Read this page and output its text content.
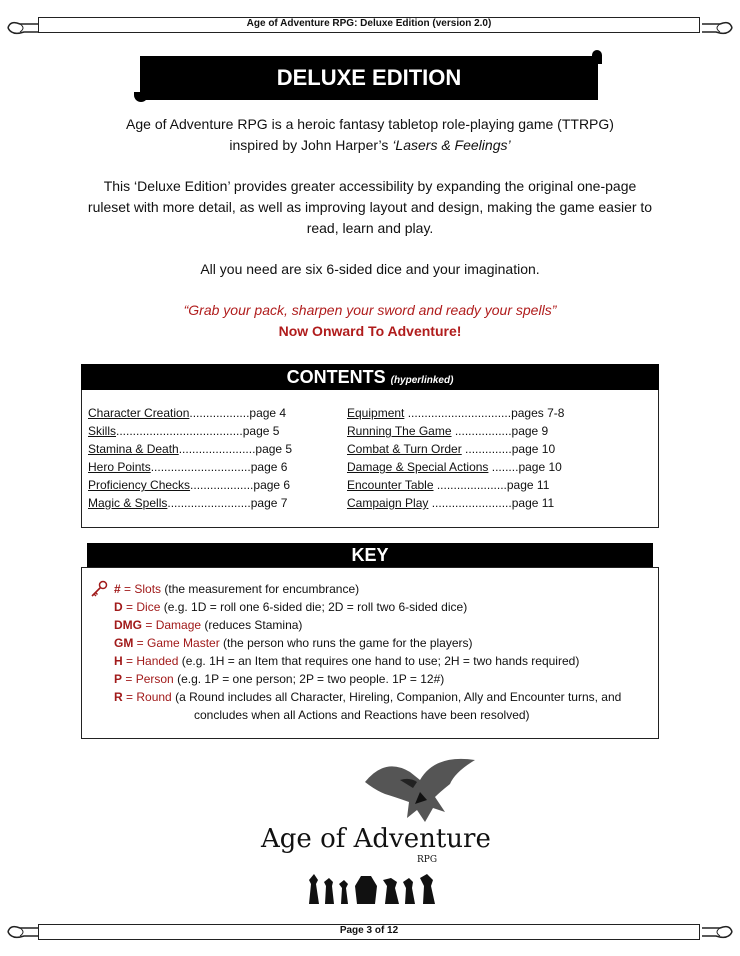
Age of Adventure RPG: Deluxe Edition (version 2.0)
DELUXE EDITION
Age of Adventure RPG is a heroic fantasy tabletop role-playing game (TTRPG)
inspired by John Harper’s ‘Lasers & Feelings’
This ‘Deluxe Edition’ provides greater accessibility by expanding the original one-page
ruleset with more detail, as well as improving layout and design, making the game easier to
read, learn and play.
All you need are six 6-sided dice and your imagination.
“Grab your pack, sharpen your sword and ready your spells”
Now Onward To Adventure!
CONTENTS (hyperlinked)
Character Creation..................page 4
Skills......................................page 5
Stamina & Death.......................page 5
Hero Points..............................page 6
Proficiency Checks...................page 6
Magic & Spells.........................page 7
Equipment ...............................pages 7-8
Running The Game .................page 9
Combat & Turn Order ..............page 10
Damage & Special Actions ........page 10
Encounter Table .....................page 11
Campaign Play ........................page 11
KEY
# = Slots (the measurement for encumbrance)
D = Dice (e.g. 1D = roll one 6-sided die; 2D = roll two 6-sided dice)
DMG = Damage (reduces Stamina)
GM = Game Master (the person who runs the game for the players)
H = Handed (e.g. 1H = an Item that requires one hand to use; 2H = two hands required)
P = Person (e.g. 1P = one person; 2P = two people. 1P = 12#)
R = Round (a Round includes all Character, Hireling, Companion, Ally and Encounter turns, and
concludes when all Actions and Reactions have been resolved)
Age of Adventure
RPG
Page 3 of 12
